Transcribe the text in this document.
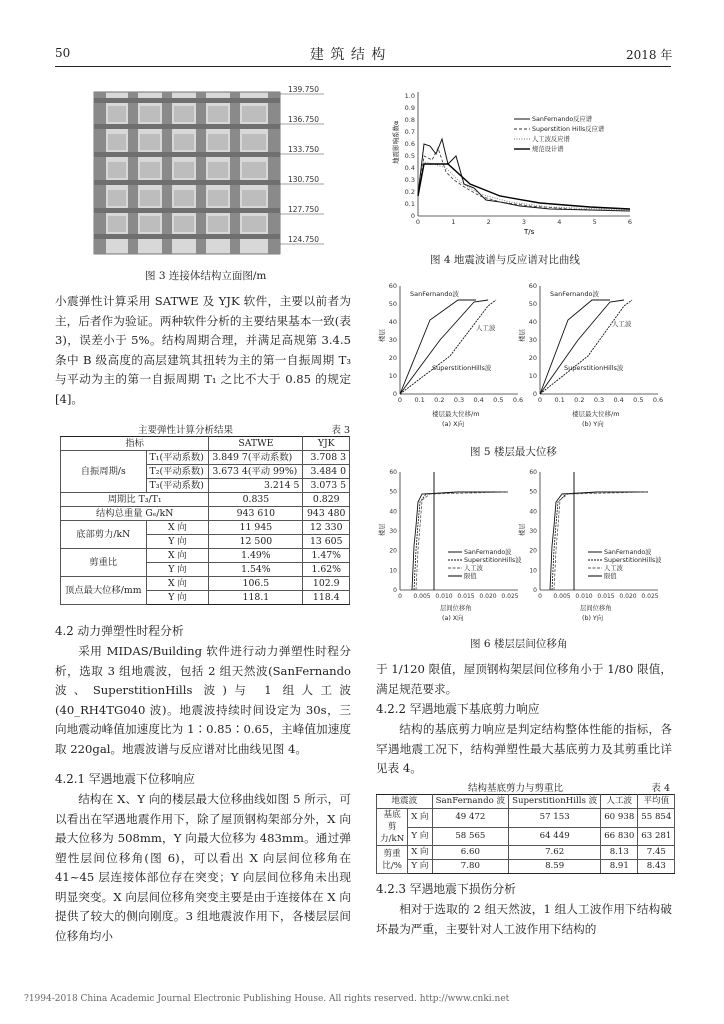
50	建 筑 结 构	2018 年
139.750
136.750
133.750
130.750
127.750
124.750
图 3 连接体结构立面图/m
0
0.1
0.2
0.3
0.4
0.5
0.6
0.7
0.8
0.9
1.0
0	1	2	3	4	5	6
地震影响系数α
T/s
SanFernando反应谱
Superstition Hills反应谱
人工波反应谱
规范设计谱
图 4 地震波谱与反应谱对比曲线
0
10
20
30
40
50
60
0 0.1 0.2 0.3 0.4 0.5 0.6
0
10
20
30
40
50
60
0 0.1 0.2 0.3 0.4 0.5 0.6
SanFernando波
人工波
SuperstitionHills波
SanFernando波
人工波
SuperstitionHills波
楼层	楼层
楼层最大位移/m	楼层最大位移/m
(a) X向	(b) Y向
图 5 楼层最大位移
SanFernando波
SuperstitionHills波
人工波
限值
SanFernando波
SuperstitionHills波
人工波
限值
楼层	楼层
层间位移角	层间位移角
(a) X向	(b) Y向
0
10
20
30
40
50
60
0 0.005 0.010 0.015 0.020 0.025
0
10
20
30
40
50
60
0 0.005 0.010 0.015 0.020 0.025
图 6 楼层层间位移角
小震弹性计算采用 SATWE 及 YJK 软件，主要以前者为主，后者作为验证。两种软件分析的主要结果基本一致(表 3)，误差小于 5%。结构周期合理，并满足高规第 3.4.5 条中 B 级高度的高层建筑其扭转为主的第一自振周期 T₃ 与平动为主的第一自振周期 T₁ 之比不大于 0.85 的规定[4]。
主要弹性计算分析结果	表 3
指标		SATWE	YJK
自振周期/s	T₁(平动系数)	3.849 7(平动系数)	3.708 3
	T₂(平动系数)	3.673 4(平动 99%)	3.484 0
	T₃(平动系数)	3.214 5	3.073 5
周期比 T₃/T₁		0.835	0.829
结构总重量 Gₑ/kN		943 610	943 480
底部剪力/kN	X 向	11 945	12 330
	Y 向	12 500	13 605
剪重比	X 向	1.49%	1.47%
	Y 向	1.54%	1.62%
顶点最大位移/mm	X 向	106.5	102.9
	Y 向	118.1	118.4
4.2 动力弹塑性时程分析
采用 MIDAS/Building 软件进行动力弹塑性时程分析，选取 3 组地震波，包括 2 组天然波(SanFernando 波、SuperstitionHills 波)与 1 组人工波(40_RH4TG040 波)。地震波持续时间设定为 30s，三向地震动峰值加速度比为 1∶0.85∶0.65，主峰值加速度取 220gal。地震波谱与反应谱对比曲线见图 4。
4.2.1 罕遇地震下位移响应
结构在 X、Y 向的楼层最大位移曲线如图 5 所示，可以看出在罕遇地震作用下，除了屋顶钢构架部分外，X 向最大位移为 508mm，Y 向最大位移为 483mm。通过弹塑性层间位移角(图 6)，可以看出 X 向层间位移角在 41~45 层连接体部位存在突变；Y 向层间位移角未出现明显突变。X 向层间位移角突变主要是由于连接体在 X 向提供了较大的侧向刚度。3 组地震波作用下，各楼层层间位移角均小
于 1/120 限值，屋顶钢构架层间位移角小于 1/80 限值，满足规范要求。
4.2.2 罕遇地震下基底剪力响应
结构的基底剪力响应是判定结构整体性能的指标，各罕遇地震工况下，结构弹塑性最大基底剪力及其剪重比详见表 4。
结构基底剪力与剪重比	表 4
地震波		SanFernando 波	SuperstitionHills 波	人工波	平均值
基底剪力/kN	X 向	49 472	57 153	60 938	55 854
	Y 向	58 565	64 449	66 830	63 281
剪重比/%	X 向	6.60	7.62	8.13	7.45
	Y 向	7.80	8.59	8.91	8.43
4.2.3 罕遇地震下损伤分析
相对于选取的 2 组天然波，1 组人工波作用下结构破坏最为严重，主要针对人工波作用下结构的
?1994-2018 China Academic Journal Electronic Publishing House. All rights reserved. http://www.cnki.net
